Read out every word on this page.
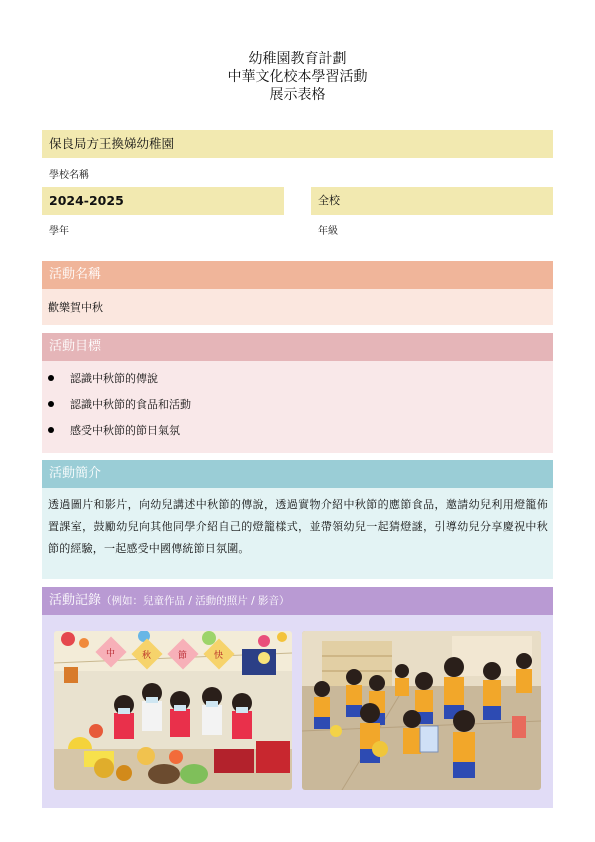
幼稚園教育計劃
中華文化校本學習活動
展示表格
保良局方王換娣幼稚園
學校名稱
2024-2025
學年
全校
年級
活動名稱
歡樂賀中秋
活動目標
認識中秋節的傳說
認識中秋節的食品和活動
感受中秋節的節日氣氛
活動簡介
透過圖片和影片，向幼兒講述中秋節的傳說，透過實物介紹中秋節的應節食品，邀請幼兒利用燈籠佈置課室，鼓勵幼兒向其他同學介紹自己的燈籠樣式，並帶領幼兒一起猜燈謎，引導幼兒分享慶祝中秋節的經驗，一起感受中國傳統節日氛圍。
活動記錄（例如：兒童作品 / 活動的照片 / 影音）
中	秋	節	快
